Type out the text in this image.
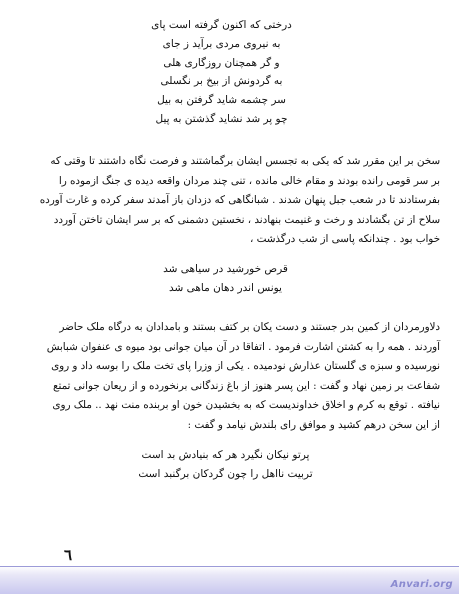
درختی که اکنون گرفته است پای

به نیروی مردی برآید ز جای

و گر همچنان روزگاری هلی

به گردونش از بیخ بر نگسلی

سر چشمه شاید گرفتن به بیل

چو پر شد نشاید گذشتن به پیل

سخن بر این مقرر شد که یکی به تجسس ایشان برگماشتند و فرصت نگاه داشتند تا وقتی که

بر سر قومی رانده بودند و مقام خالی مانده ، تنی چند مردان واقعه دیده ی جنگ ازموده را

بفرستادند تا در شعب جبل پنهان شدند . شبانگاهی که دزدان باز آمدند سفر کرده و غارت آورده

سلاح از تن بگشادند و رخت و غنیمت بنهادند ، نخستین دشمنی که بر سر ایشان تاختن آوردد

خواب بود . چندانکه پاسی از شب درگذشت ،

قرص خورشید در سیاهی شد

یونس اندر دهان ماهی شد

دلاورمردان از کمین بدر جستند و دست یکان بر کتف بستند و بامدادان به درگاه ملک حاضر

آوردند . همه را به کشتن اشارت فرمود . اتفاقا در آن میان جوانی بود میوه ی عنفوان شبابش

نورسیده و سبزه ی گلستان عذارش نودمیده . یکی از وزرا پای تخت ملک را بوسه داد و روی

شفاعت بر زمین نهاد و گفت : این پسر هنوز از باغ زندگانی برنخورده و از ریعان جوانی تمتع

نیافته . توقع به کرم و اخلاق خداوندیست که به بخشیدن خون او بربنده منت نهد .. ملک روی

از این سخن درهم کشید و موافق رای بلندش نیامد و گفت :

پرتو نیکان نگیرد هر که بنیادش بد است

تربیت نااهل را چون گردکان برگنبد است

٦
Anvari.org
